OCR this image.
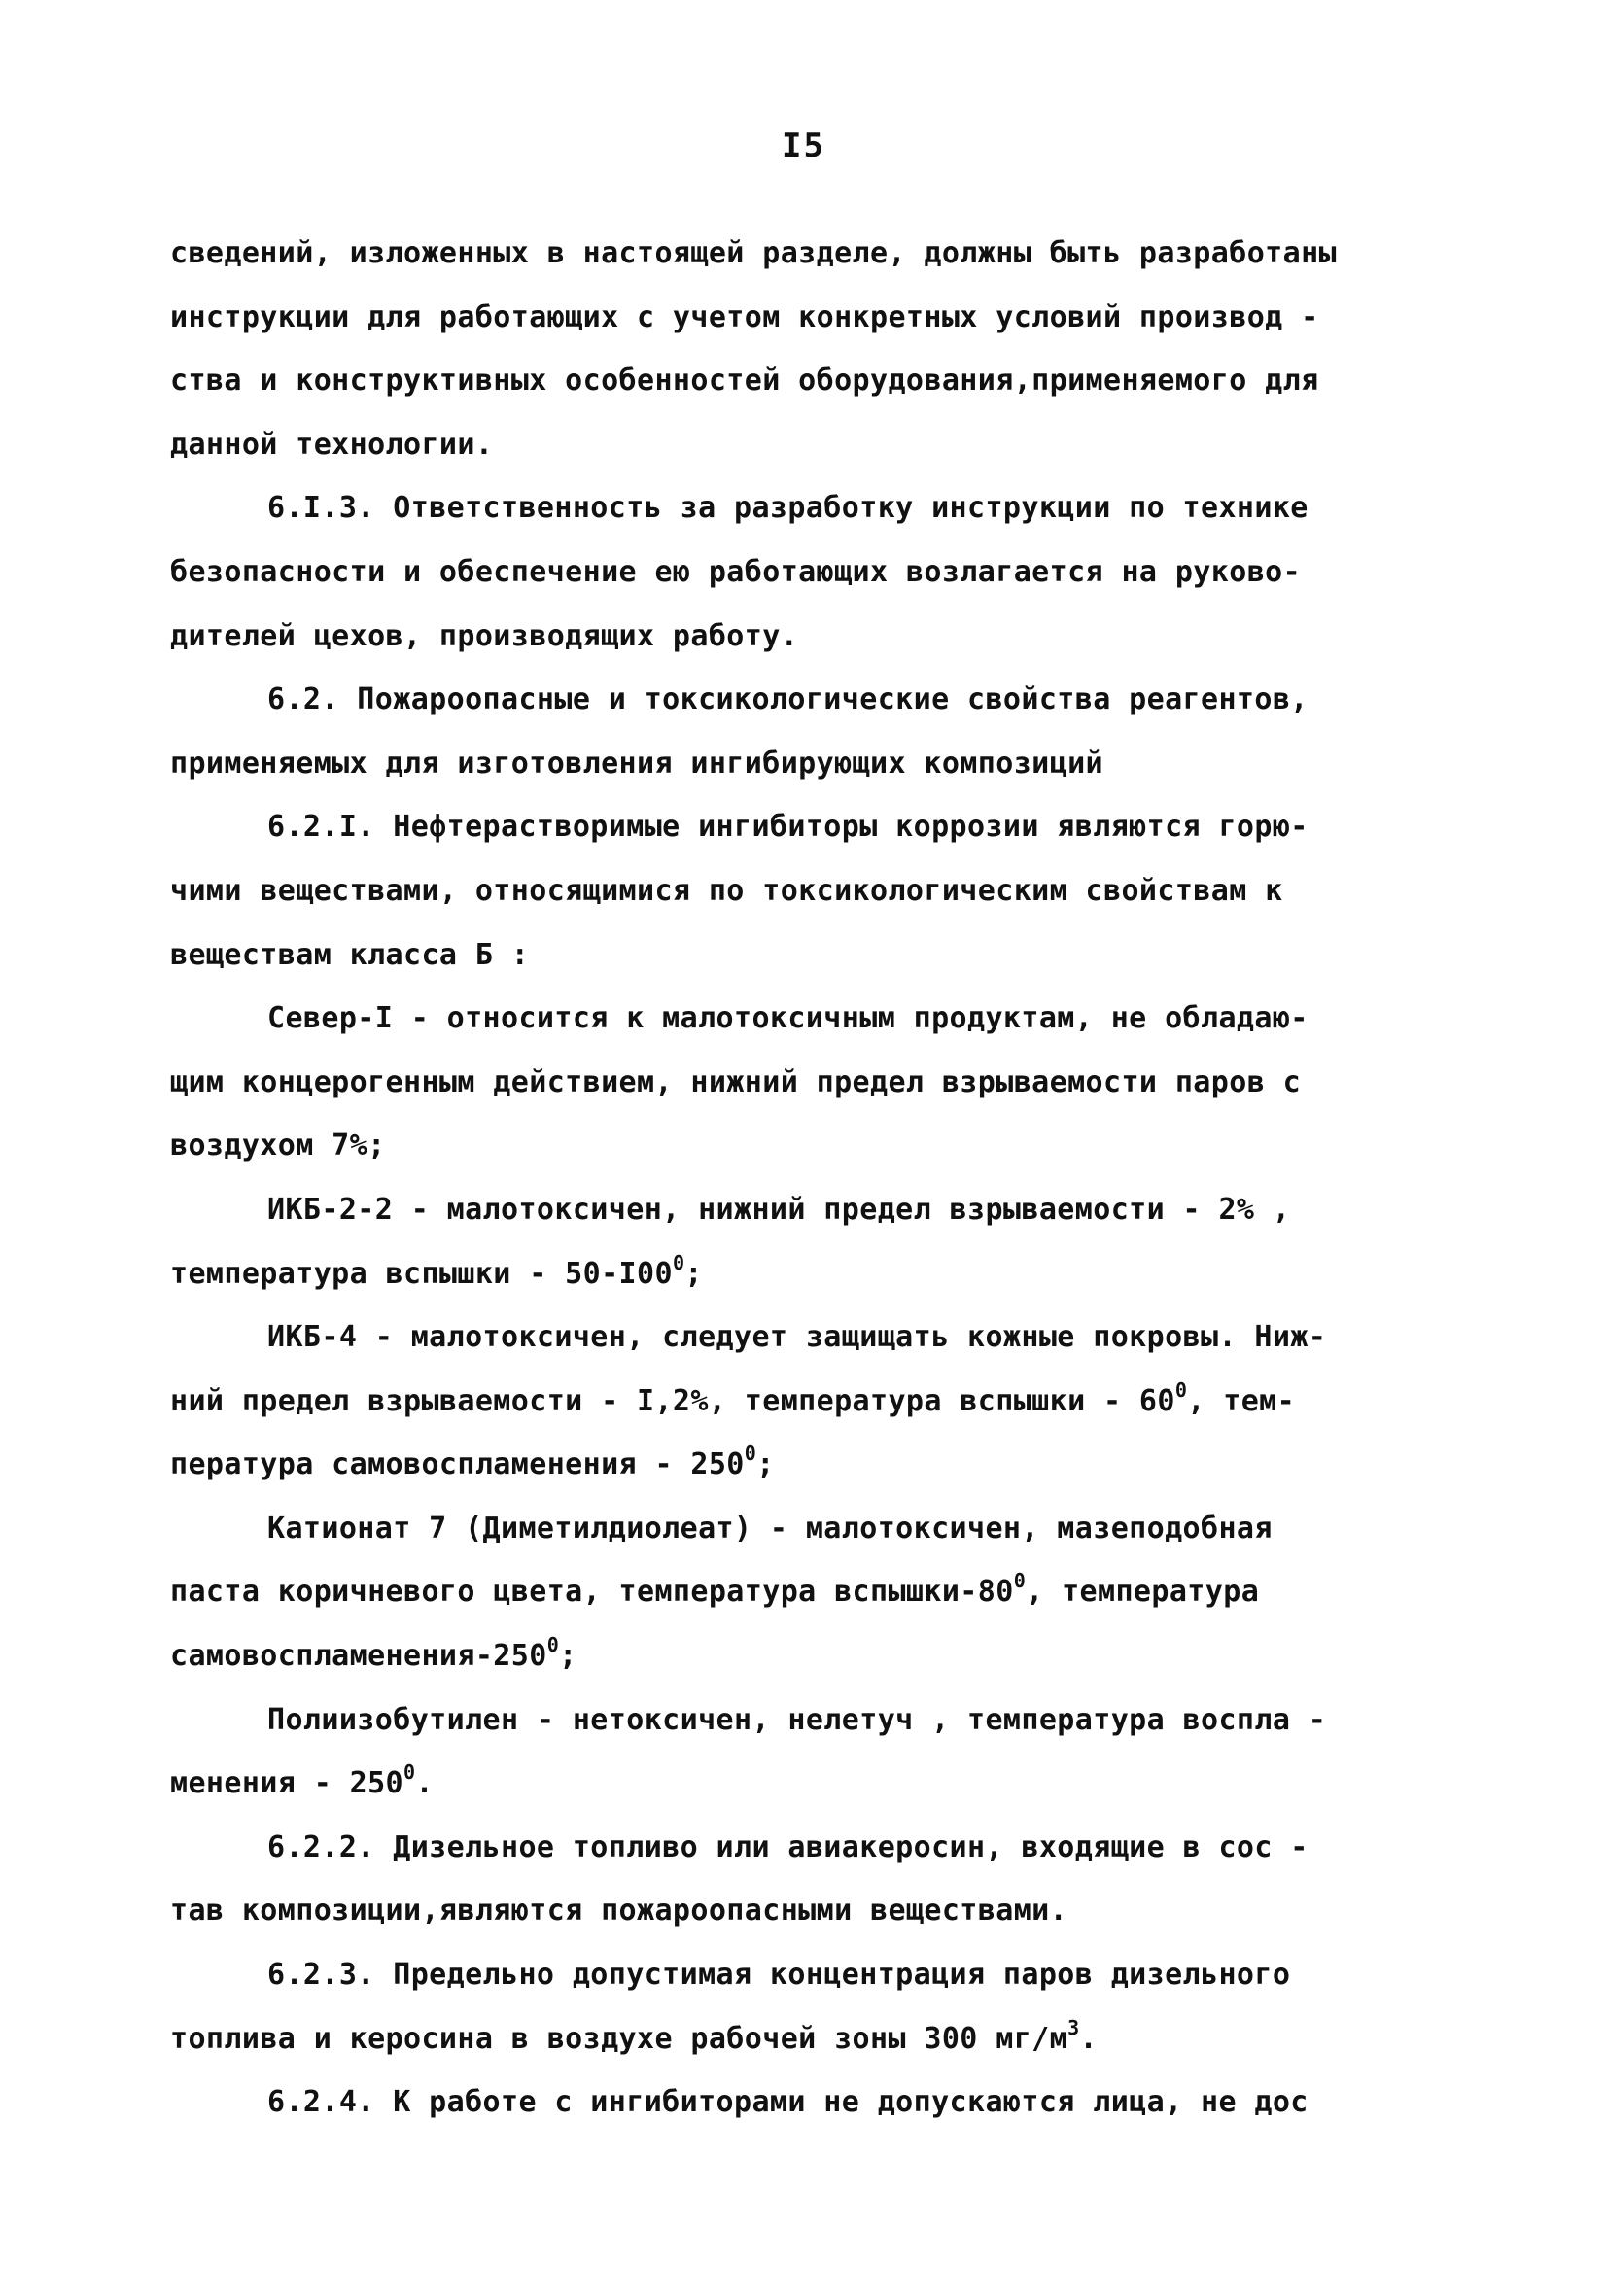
I5
сведений, изложенных в настоящей разделе, должны быть разработаны
инструкции для работающих с учетом конкретных условий производ -
ства и конструктивных особенностей оборудования,применяемого для
данной технологии.
6.I.3. Ответственность за разработку инструкции по технике
безопасности и обеспечение ею работающих возлагается на руково-
дителей цехов, производящих работу.
6.2. Пожароопасные и токсикологические свойства реагентов,
применяемых для изготовления ингибирующих композиций
6.2.I. Нефтерастворимые ингибиторы коррозии являются горю-
чими веществами, относящимися по токсикологическим свойствам к
веществам класса Б :
Север-I - относится к малотоксичным продуктам, не обладаю-
щим концерогенным действием, нижний предел взрываемости паров с
воздухом 7%;
ИКБ-2-2 - малотоксичен, нижний предел взрываемости - 2% ,
температура вспышки - $50-I00^0$;
ИКБ-4 - малотоксичен, следует защищать кожные покровы. Ниж-
ний предел взрываемости - I,2%, температура вспышки - $60^0$, тем-
пература самовоспламенения - $250^0$;
Катионат 7 (Диметилдиолеат) - малотоксичен, мазеподобная
паста коричневого цвета, температура вспышки-$80^0$, температура
самовоспламенения-$250^0$;
Полиизобутилен - нетоксичен, нелетуч , температура воспла -
менения - $250^0$.
6.2.2. Дизельное топливо или авиакеросин, входящие в сос -
тав композиции,являются пожароопасными веществами.
6.2.3. Предельно допустимая концентрация паров дизельного
топлива и керосина в воздухе рабочей зоны 300 $мг/м^3$.
6.2.4. К работе с ингибиторами не допускаются лица, не дос
